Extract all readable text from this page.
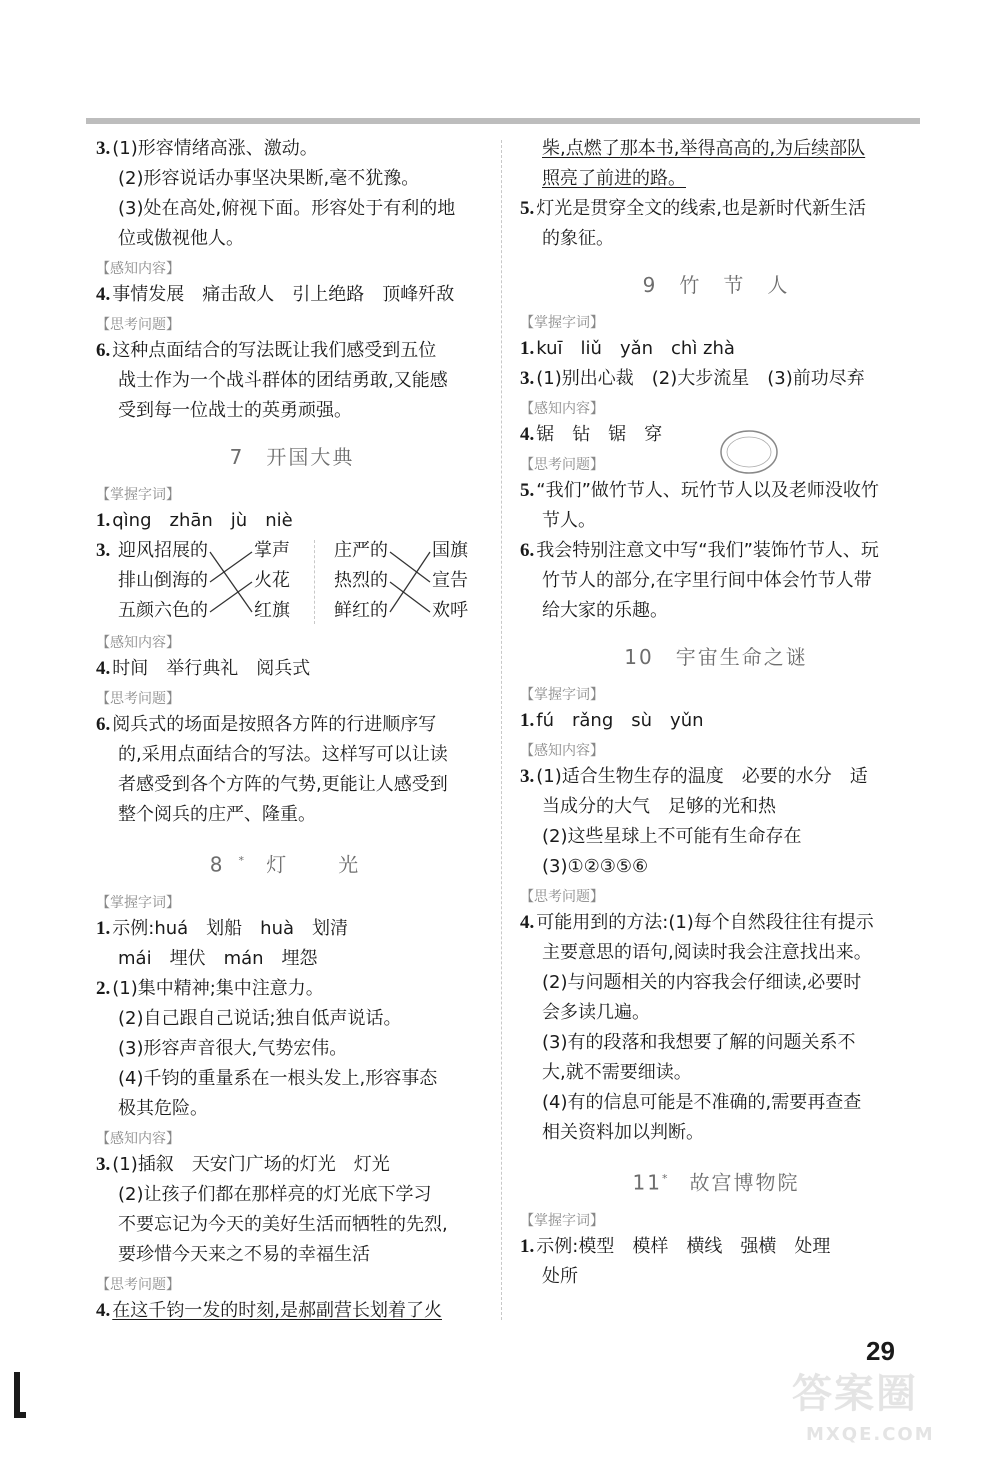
3. (1)形容情绪高涨、激动。
(2)形容说话办事坚决果断,毫不犹豫。
(3)处在高处,俯视下面。形容处于有利的地
位或傲视他人。
【感知内容】
4. 事情发展　痛击敌人　引上绝路　顶峰歼敌
【思考问题】
6. 这种点面结合的写法既让我们感受到五位
战士作为一个战斗群体的团结勇敢,又能感
受到每一位战士的英勇顽强。
7　开国大典
【掌握字词】
1. qìng　zhān　jù　niè
3. 迎风招展的
排山倒海的
五颜六色的
掌声
火花
红旗
庄严的
热烈的
鲜红的
国旗
宣告
欢呼
【感知内容】
4. 时间　举行典礼　阅兵式
【思考问题】
6. 阅兵式的场面是按照各方阵的行进顺序写
的,采用点面结合的写法。这样写可以让读
者感受到各个方阵的气势,更能让人感受到
整个阅兵的庄严、隆重。
8* 灯　光
【掌握字词】
1. 示例:huá　划船　huà　划清
mái　埋伏　mán　埋怨
2. (1)集中精神;集中注意力。
(2)自己跟自己说话;独自低声说话。
(3)形容声音很大,气势宏伟。
(4)千钧的重量系在一根头发上,形容事态
极其危险。
【感知内容】
3. (1)插叙　天安门广场的灯光　灯光
(2)让孩子们都在那样亮的灯光底下学习
不要忘记为今天的美好生活而牺牲的先烈,
要珍惜今天来之不易的幸福生活
【思考问题】
4. 在这千钧一发的时刻,是郝副营长划着了火
柴,点燃了那本书,举得高高的,为后续部队
照亮了前进的路。
5. 灯光是贯穿全文的线索,也是新时代新生活
的象征。
9　竹　节　人
【掌握字词】
1. kuī　liǔ　yǎn　chì zhà
3. (1)别出心裁　(2)大步流星　(3)前功尽弃
【感知内容】
4. 锯　钻　锯　穿
【思考问题】
5. “我们”做竹节人、玩竹节人以及老师没收竹
节人。
6. 我会特别注意文中写“我们”装饰竹节人、玩
竹节人的部分,在字里行间中体会竹节人带
给大家的乐趣。
10　宇宙生命之谜
【掌握字词】
1. fú　rǎng　sù　yǔn
【感知内容】
3. (1)适合生物生存的温度　必要的水分　适
当成分的大气　足够的光和热
(2)这些星球上不可能有生命存在
(3)①②③⑤⑥
【思考问题】
4. 可能用到的方法:(1)每个自然段往往有提示
主要意思的语句,阅读时我会注意找出来。
(2)与问题相关的内容我会仔细读,必要时
会多读几遍。
(3)有的段落和我想要了解的问题关系不
大,就不需要细读。
(4)有的信息可能是不准确的,需要再查查
相关资料加以判断。
11*　 故宫博物院
【掌握字词】
1. 示例:模型　模样　横线　强横　处理
处所
29
答案圈
MXQE.COM
